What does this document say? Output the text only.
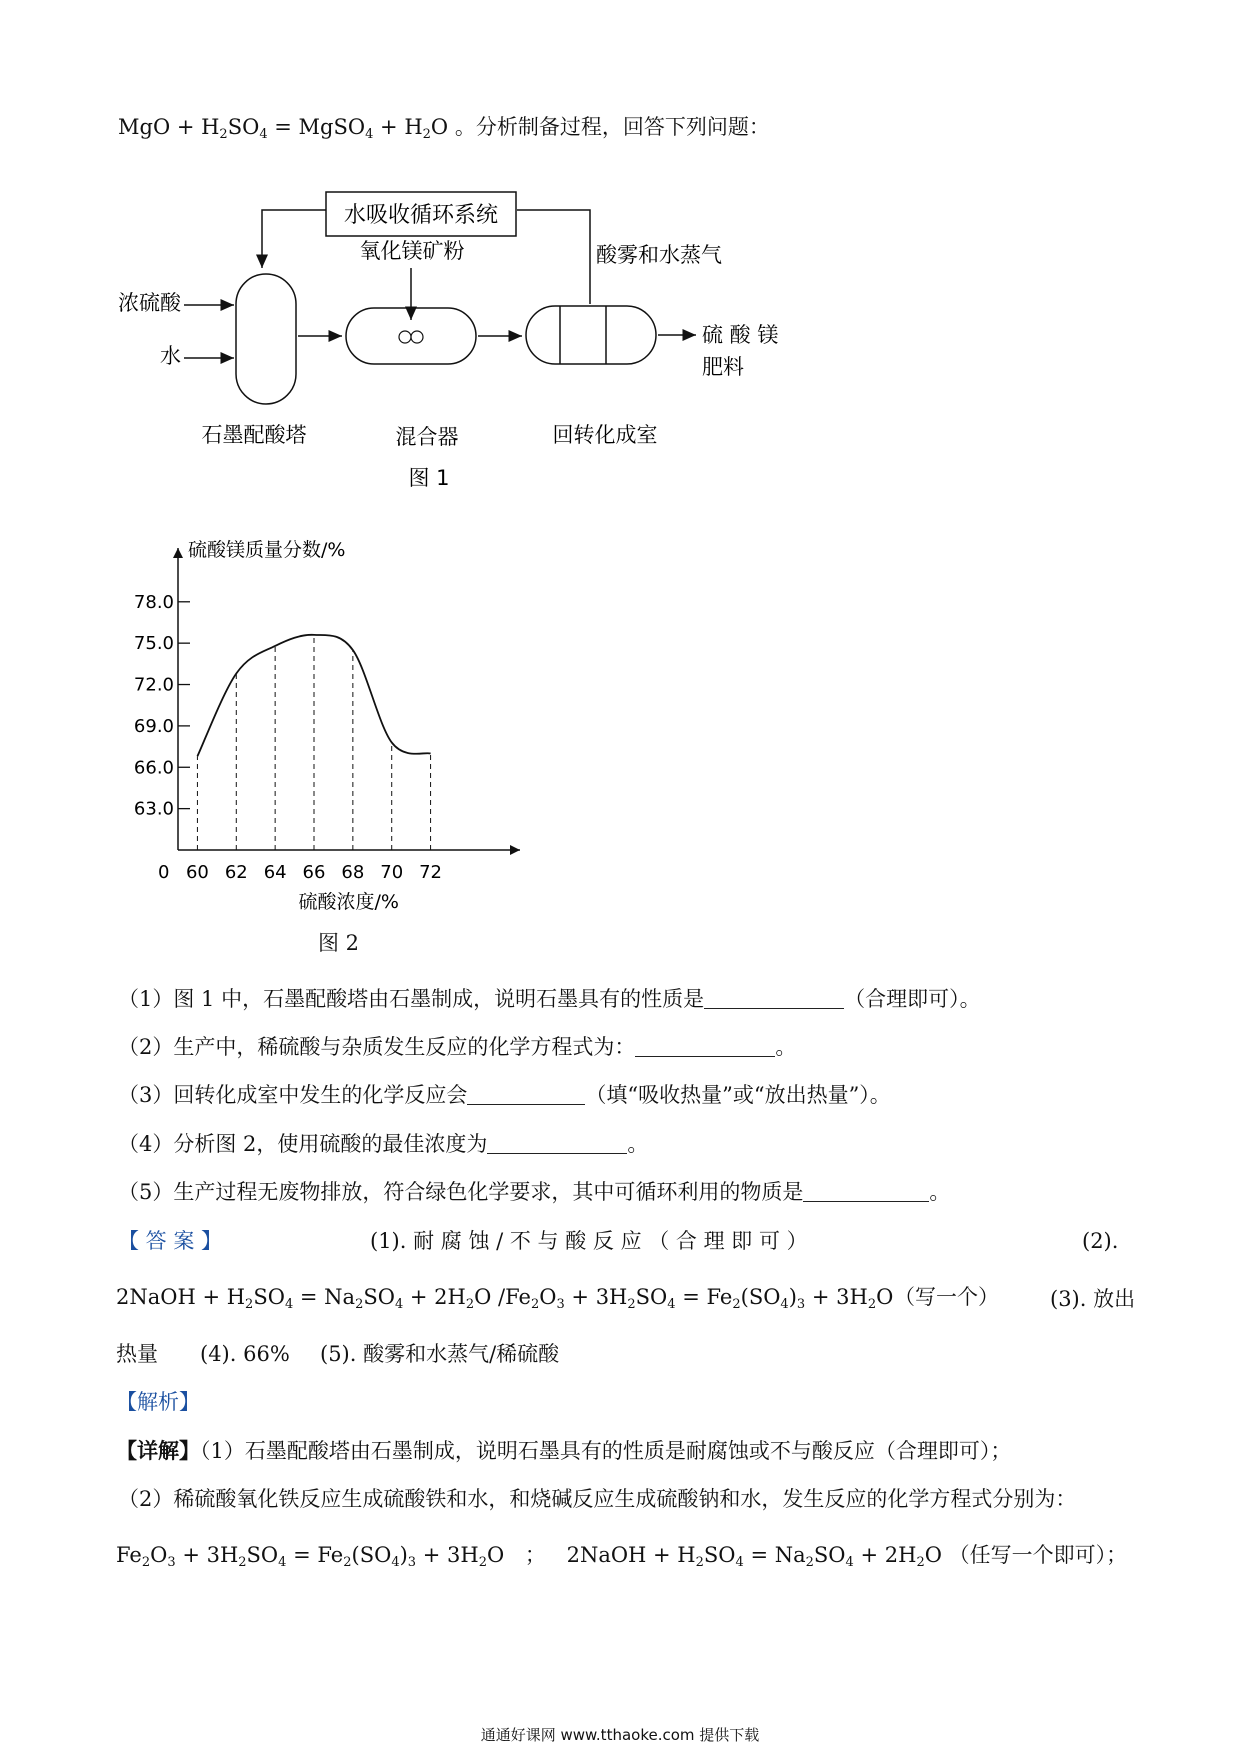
MgO + $H_2SO_4$ = MgSO$_4$ + $H_2O$ 。分析制备过程，回答下列问题：
水吸收循环系统
酸雾和水蒸气
浓硫酸
水
氧化镁矿粉
硫 酸 镁
肥料
石墨配酸塔	混合器	回转化成室
图 1
硫酸镁质量分数/%
78.0
75.0
72.0
69.0
66.0
63.0
0 60 62 64 66 68 70 72
硫酸浓度/%
图 2
（1）图 1 中，石墨配酸塔由石墨制成，说明石墨具有的性质是	（合理即可）。
（2）生产中，稀硫酸与杂质发生反应的化学方程式为：	。
（3）回转化成室中发生的化学反应会	（填“吸收热量”或“放出热量”）。
（4）分析图 2，使用硫酸的最佳浓度为	。
（5）生产过程无废物排放，符合绿色化学要求，其中可循环利用的物质是	。
【 答 案 】	(1). 耐 腐 蚀 / 不 与 酸 反 应 （ 合 理 即 可 ）	(2).
2NaOH + $H_2SO_4 = Na_2SO_4 + 2H_2O$ $/Fe_2O_3 + 3H_2SO_4 = Fe_2(SO_4)_3 + 3H_2O$ （写一个） (3). 放出
热量 (4). 66% (5). 酸雾和水蒸气/稀硫酸
【解析】
【详解】（1）石墨配酸塔由石墨制成，说明石墨具有的性质是耐腐蚀或不与酸反应（合理即可）；
（2）稀硫酸氧化铁反应生成硫酸铁和水，和烧碱反应生成硫酸钠和水，发生反应的化学方程式分别为：
$Fe_2O_3 + 3H_2SO_4 = Fe_2(SO_4)_3 + 3H_2O$ ； 2NaOH + $H_2SO_4 = Na_2SO_4 + 2H_2O$ （任写一个即可）；
通通好课网 www.tthaoke.com 提供下载
